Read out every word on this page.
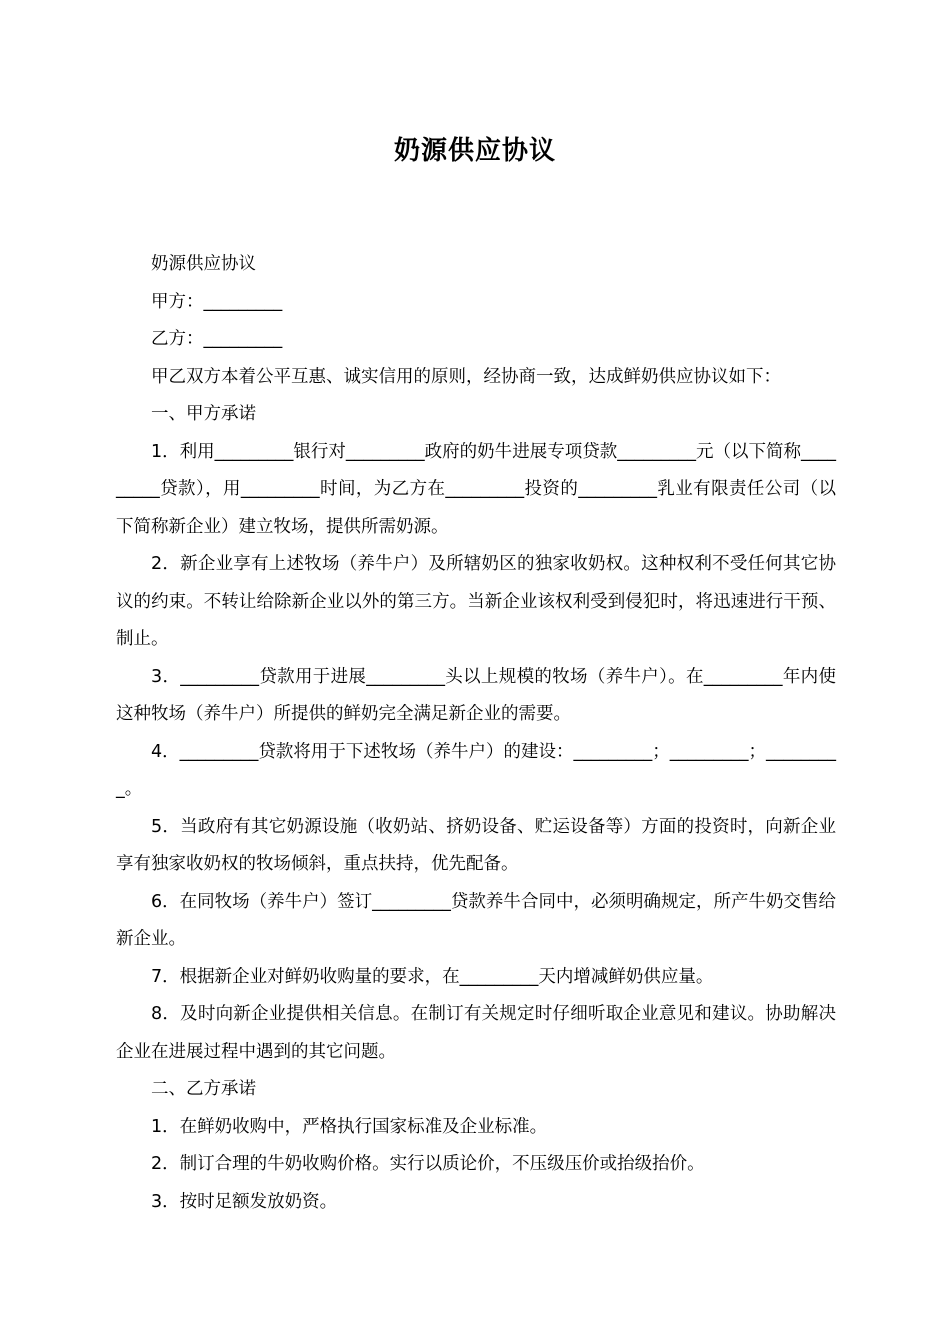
奶源供应协议

奶源供应协议

甲方：_________

乙方：_________

甲乙双方本着公平互惠、诚实信用的原则，经协商一致，达成鲜奶供应协议如下：

一、甲方承诺

1．利用_________银行对_________政府的奶牛进展专项贷款_________元（以下简称_________贷款），用_________时间，为乙方在_________投资的_________乳业有限责任公司（以下简称新企业）建立牧场，提供所需奶源。

2．新企业享有上述牧场（养牛户）及所辖奶区的独家收奶权。这种权利不受任何其它协议的约束。不转让给除新企业以外的第三方。当新企业该权利受到侵犯时，将迅速进行干预、制止。

3．_________贷款用于进展_________头以上规模的牧场（养牛户）。在_________年内使这种牧场（养牛户）所提供的鲜奶完全满足新企业的需要。

4．_________贷款将用于下述牧场（养牛户）的建设：_________；_________；_________。

5．当政府有其它奶源设施（收奶站、挤奶设备、贮运设备等）方面的投资时，向新企业享有独家收奶权的牧场倾斜，重点扶持，优先配备。

6．在同牧场（养牛户）签订_________贷款养牛合同中，必须明确规定，所产牛奶交售给新企业。

7．根据新企业对鲜奶收购量的要求，在_________天内增减鲜奶供应量。

8．及时向新企业提供相关信息。在制订有关规定时仔细听取企业意见和建议。协助解决企业在进展过程中遇到的其它问题。

二、乙方承诺

1．在鲜奶收购中，严格执行国家标准及企业标准。

2．制订合理的牛奶收购价格。实行以质论价，不压级压价或抬级抬价。

3．按时足额发放奶资。
